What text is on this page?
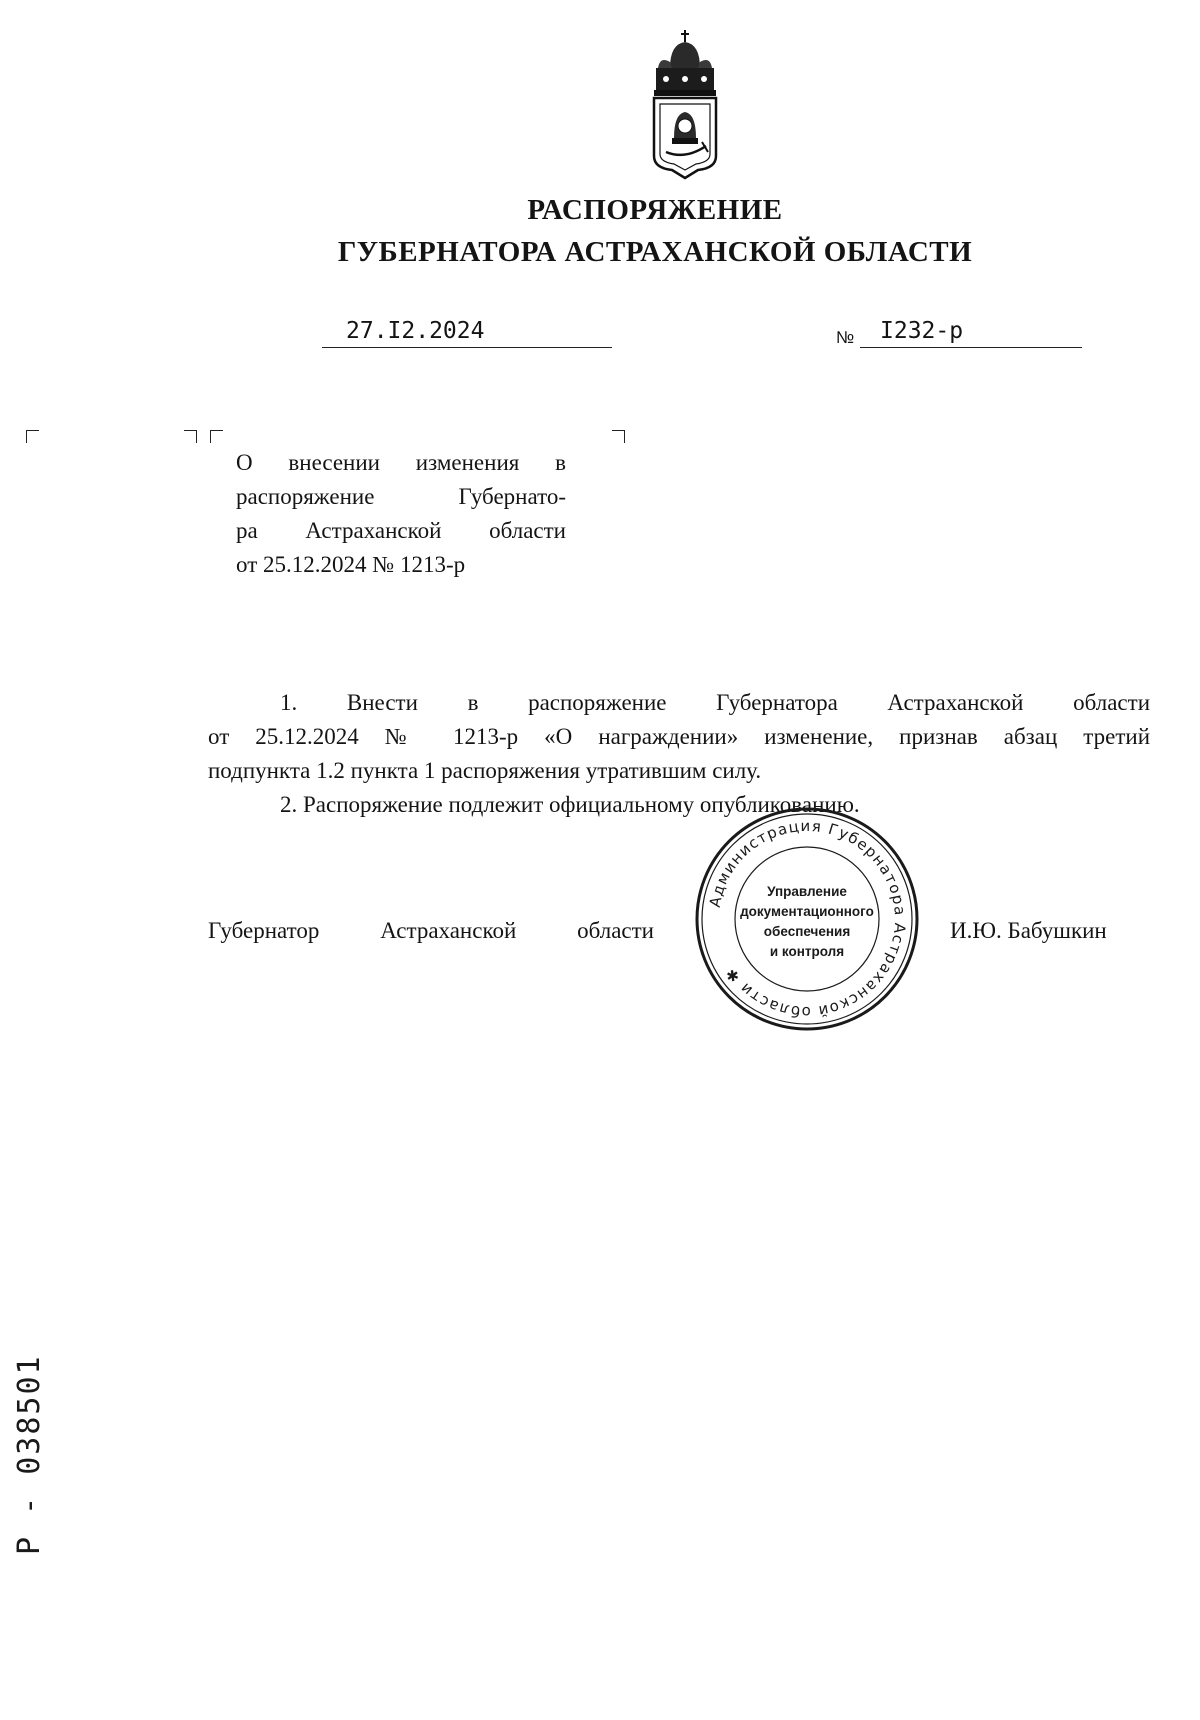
РАСПОРЯЖЕНИЕ
ГУБЕРНАТОРА АСТРАХАНСКОЙ ОБЛАСТИ
27.I2.2024	№ I232-р
О внесении изменения в
распоряжение Губернато-
ра Астраханской области
от 25.12.2024 № 1213-р
1. Внести в распоряжение Губернатора Астраханской области
от 25.12.2024 № 1213-р «О награждении» изменение, признав абзац третий
подпункта 1.2 пункта 1 распоряжения утратившим силу.
2. Распоряжение подлежит официальному опубликованию.
Губернатор Астраханской области	И.Ю. Бабушкин
Администрация Губернатора Астраханской области ✱
Управление
документационного
обеспечения
и контроля
Р - 038501
